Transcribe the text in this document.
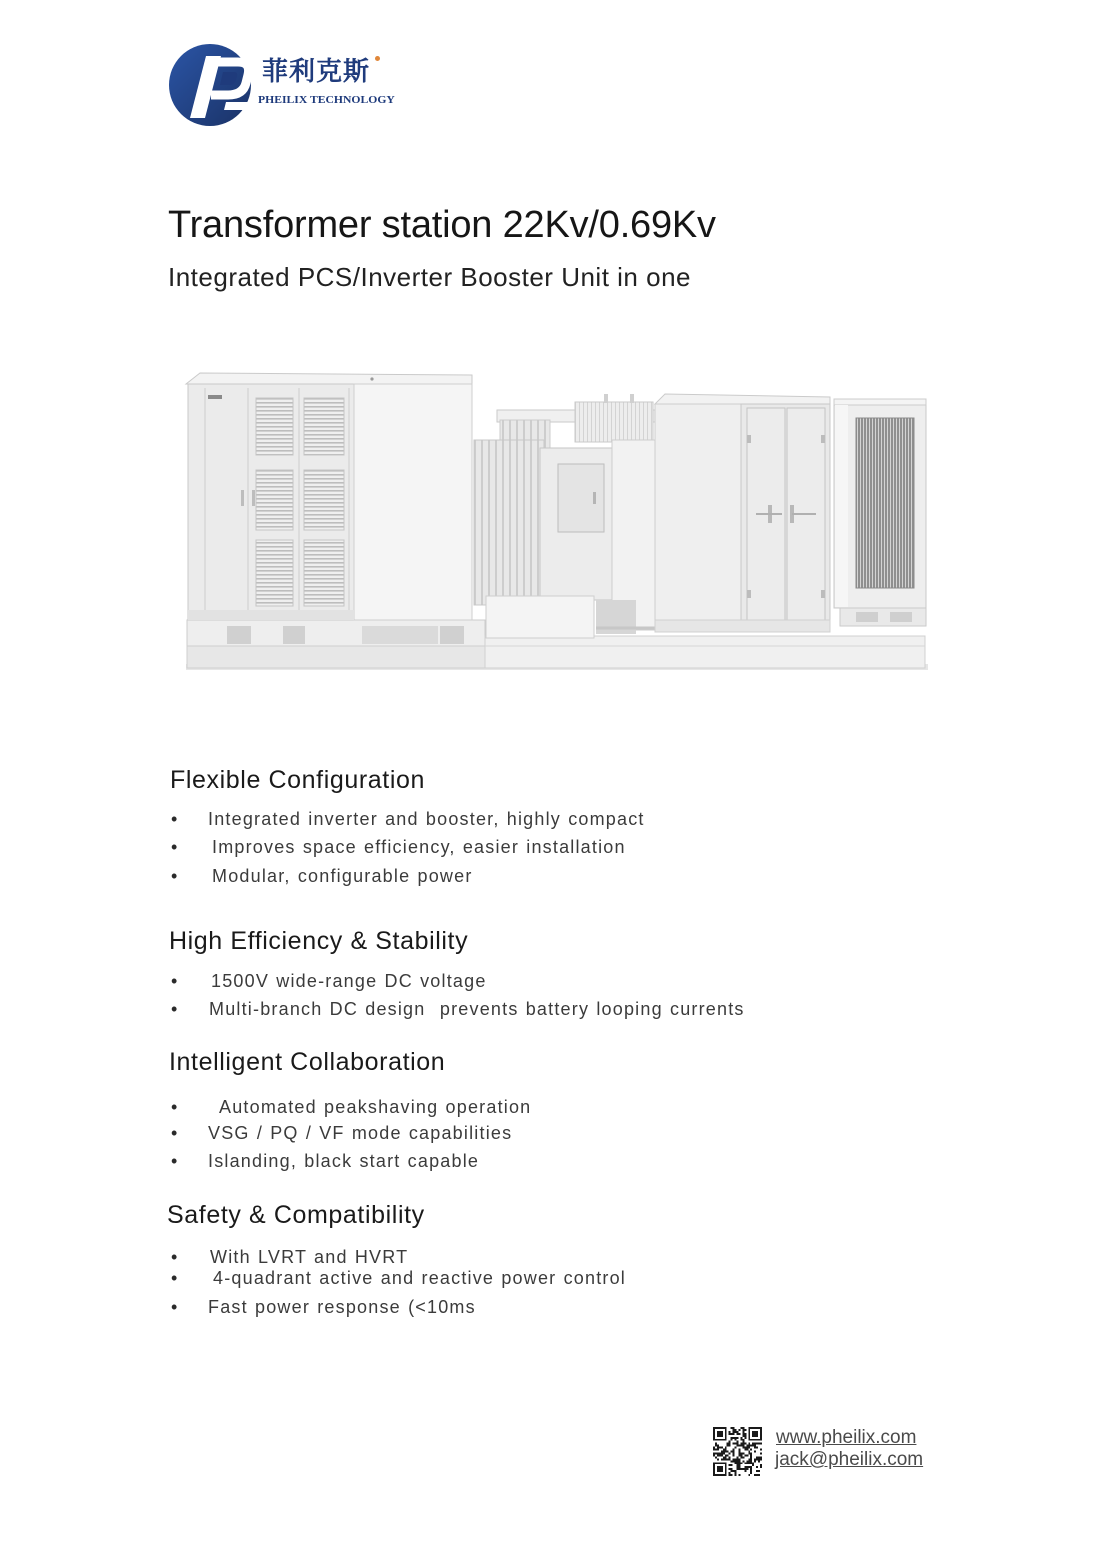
菲利克斯
PHEILIX TECHNOLOGY
Transformer station 22Kv/0.69Kv
Integrated PCS/Inverter Booster Unit in one
Flexible Configuration
• Integrated inverter and booster, highly compact
• Improves space efficiency, easier installation
• Modular, configurable power
High Efficiency & Stability
• 1500V wide-range DC voltage
• Multi-branch DC design  prevents battery looping currents
Intelligent Collaboration
• Automated peakshaving operation
• VSG / PQ / VF mode capabilities
• Islanding, black start capable
Safety & Compatibility
• With LVRT and HVRT
• 4-quadrant active and reactive power control
• Fast power response (<10ms
www.pheilix.com
jack@pheilix.com
